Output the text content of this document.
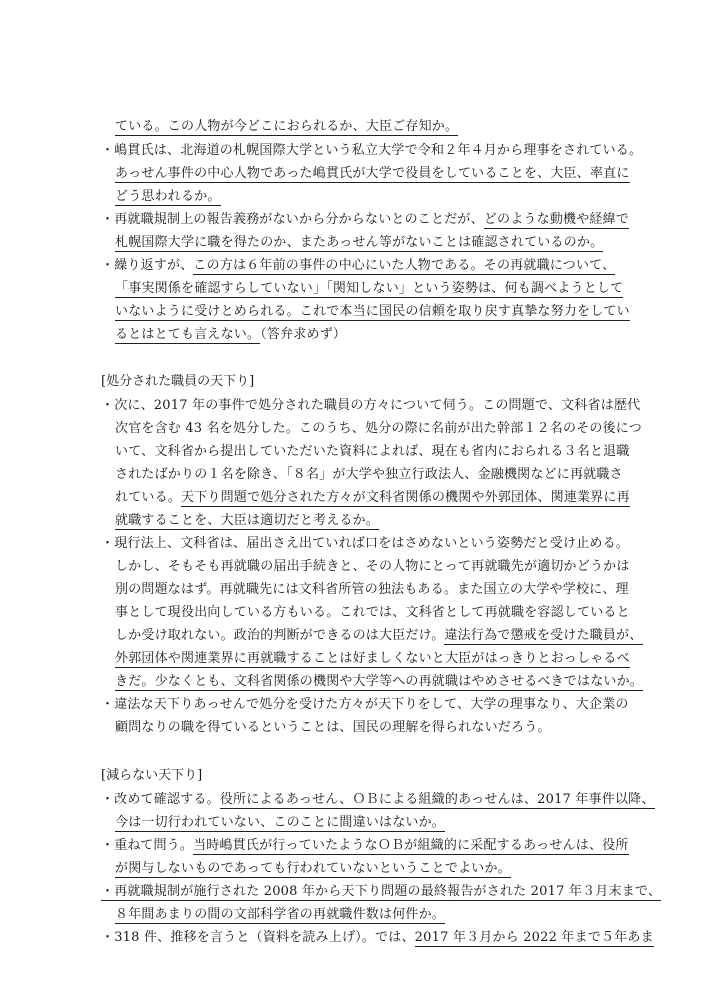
ている。この人物が今どこにおられるか、大臣ご存知か。
・嶋貫氏は、北海道の札幌国際大学という私立大学で令和２年４月から理事をされている。
あっせん事件の中心人物であった嶋貫氏が大学で役員をしていることを、大臣、率直に
どう思われるか。
・再就職規制上の報告義務がないから分からないとのことだが、どのような動機や経緯で
札幌国際大学に職を得たのか、またあっせん等がないことは確認されているのか。
・繰り返すが、この方は６年前の事件の中心にいた人物である。その再就職について、
「事実関係を確認すらしていない」「関知しない」という姿勢は、何も調べようとして
いないように受けとめられる。これで本当に国民の信頼を取り戻す真摯な努力をしてい
るとはとても言えない。（答弁求めず）
[処分された職員の天下り]
・次に、2017 年の事件で処分された職員の方々について伺う。この問題で、文科省は歴代
次官を含む 43 名を処分した。このうち、処分の際に名前が出た幹部１２名のその後につ
いて、文科省から提出していただいた資料によれば、現在も省内におられる３名と退職
されたばかりの１名を除き、「８名」が大学や独立行政法人、金融機関などに再就職さ
れている。天下り問題で処分された方々が文科省関係の機関や外郭団体、関連業界に再
就職することを、大臣は適切だと考えるか。
・現行法上、文科省は、届出さえ出ていれば口をはさめないという姿勢だと受け止める。
しかし、そもそも再就職の届出手続きと、その人物にとって再就職先が適切かどうかは
別の問題なはず。再就職先には文科省所管の独法もある。また国立の大学や学校に、理
事として現役出向している方もいる。これでは、文科省として再就職を容認していると
しか受け取れない。政治的判断ができるのは大臣だけ。違法行為で懲戒を受けた職員が、
外郭団体や関連業界に再就職することは好ましくないと大臣がはっきりとおっしゃるべ
きだ。少なくとも、文科省関係の機関や大学等への再就職はやめさせるべきではないか。
・違法な天下りあっせんで処分を受けた方々が天下りをして、大学の理事なり、大企業の
顧問なりの職を得ているということは、国民の理解を得られないだろう。
[減らない天下り]
・改めて確認する。役所によるあっせん、ＯＢによる組織的あっせんは、2017 年事件以降、
今は一切行われていない、このことに間違いはないか。
・重ねて問う。当時嶋貫氏が行っていたようなＯＢが組織的に采配するあっせんは、役所
が関与しないものであっても行われていないということでよいか。
・再就職規制が施行された 2008 年から天下り問題の最終報告がされた 2017 年３月末まで、
８年間あまりの間の文部科学省の再就職件数は何件か。
・318 件、推移を言うと（資料を読み上げ）。では、2017 年３月から 2022 年まで５年あま
